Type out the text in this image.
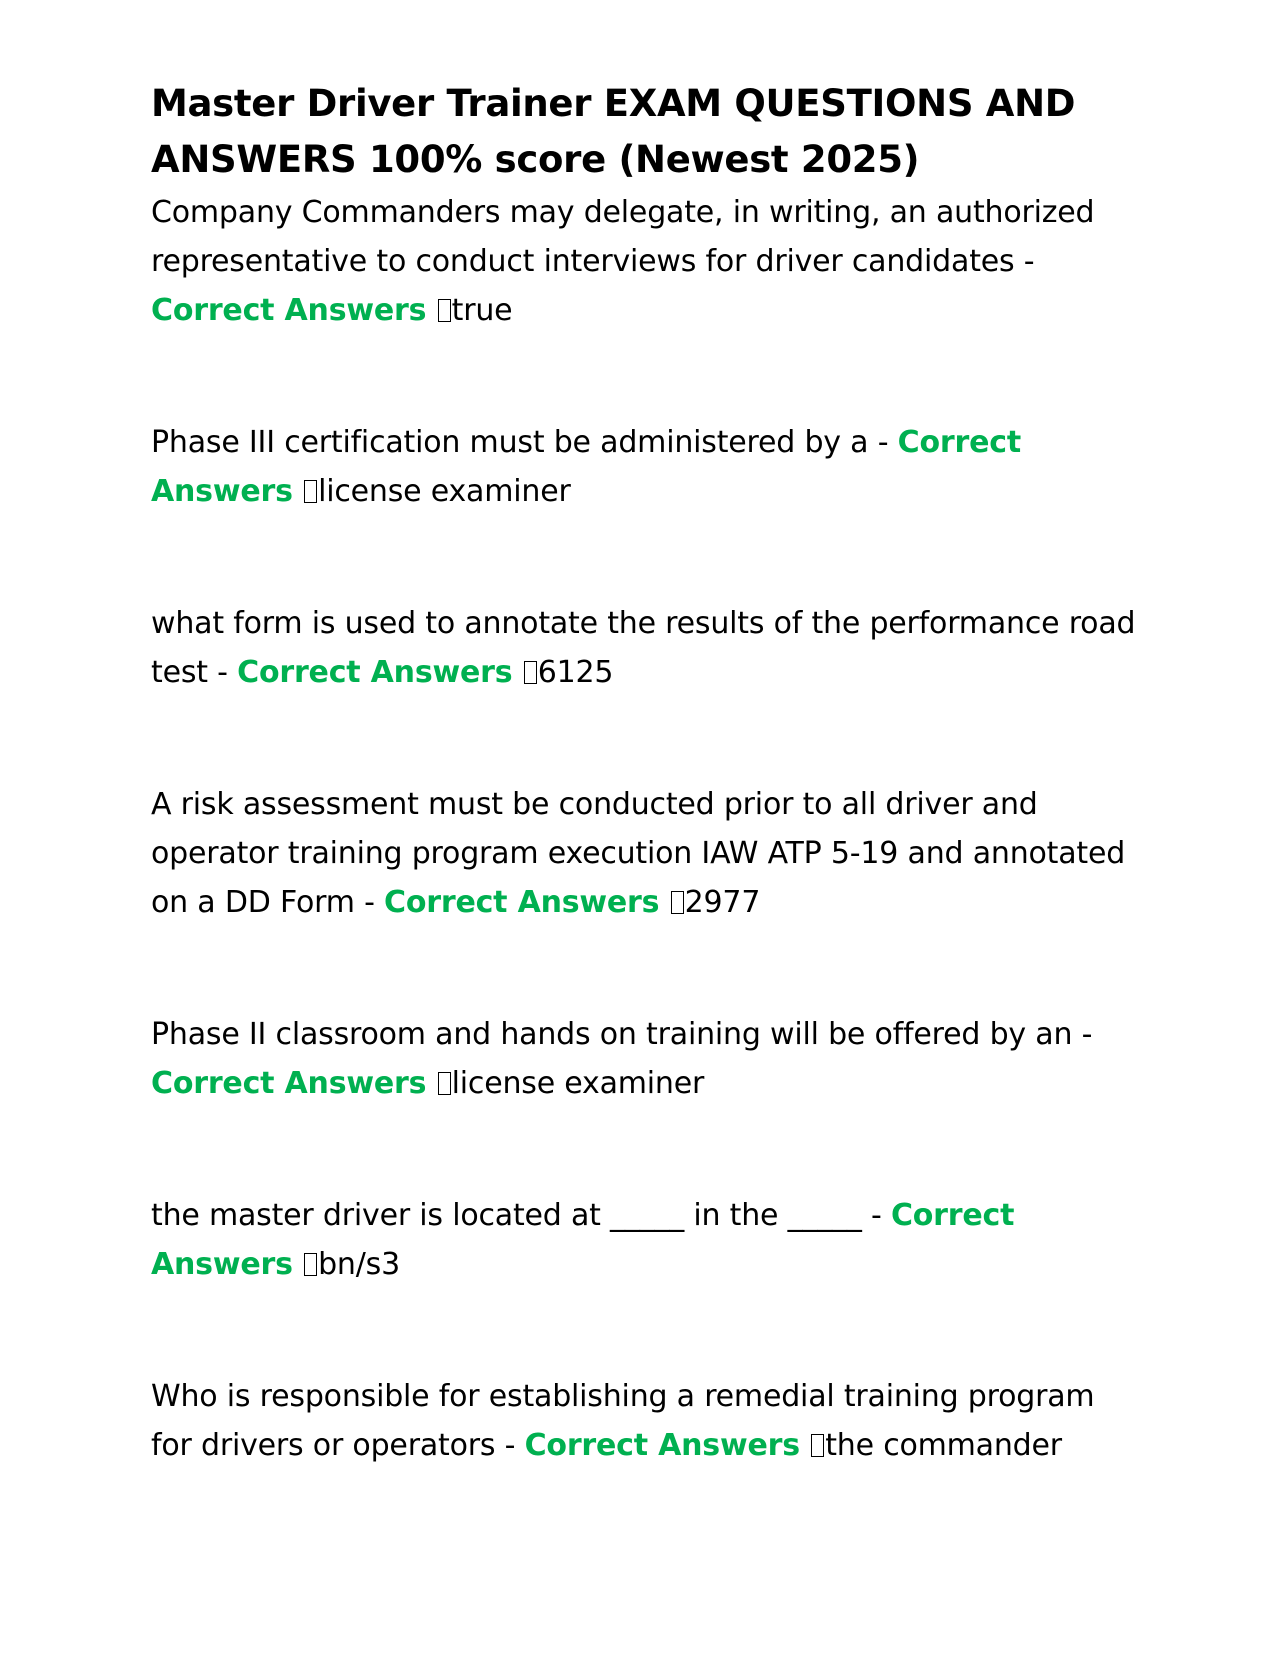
Master Driver Trainer EXAM QUESTIONS AND ANSWERS 100% score (Newest 2025)

Company Commanders may delegate, in writing, an authorized representative to conduct interviews for driver candidates - Correct Answers true

Phase III certification must be administered by a - Correct Answers license examiner

what form is used to annotate the results of the performance road test - Correct Answers 6125

A risk assessment must be conducted prior to all driver and operator training program execution IAW ATP 5-19 and annotated on a DD Form - Correct Answers 2977

Phase II classroom and hands on training will be offered by an - Correct Answers license examiner

the master driver is located at _____ in the _____ - Correct Answers bn/s3

Who is responsible for establishing a remedial training program for drivers or operators - Correct Answers the commander
